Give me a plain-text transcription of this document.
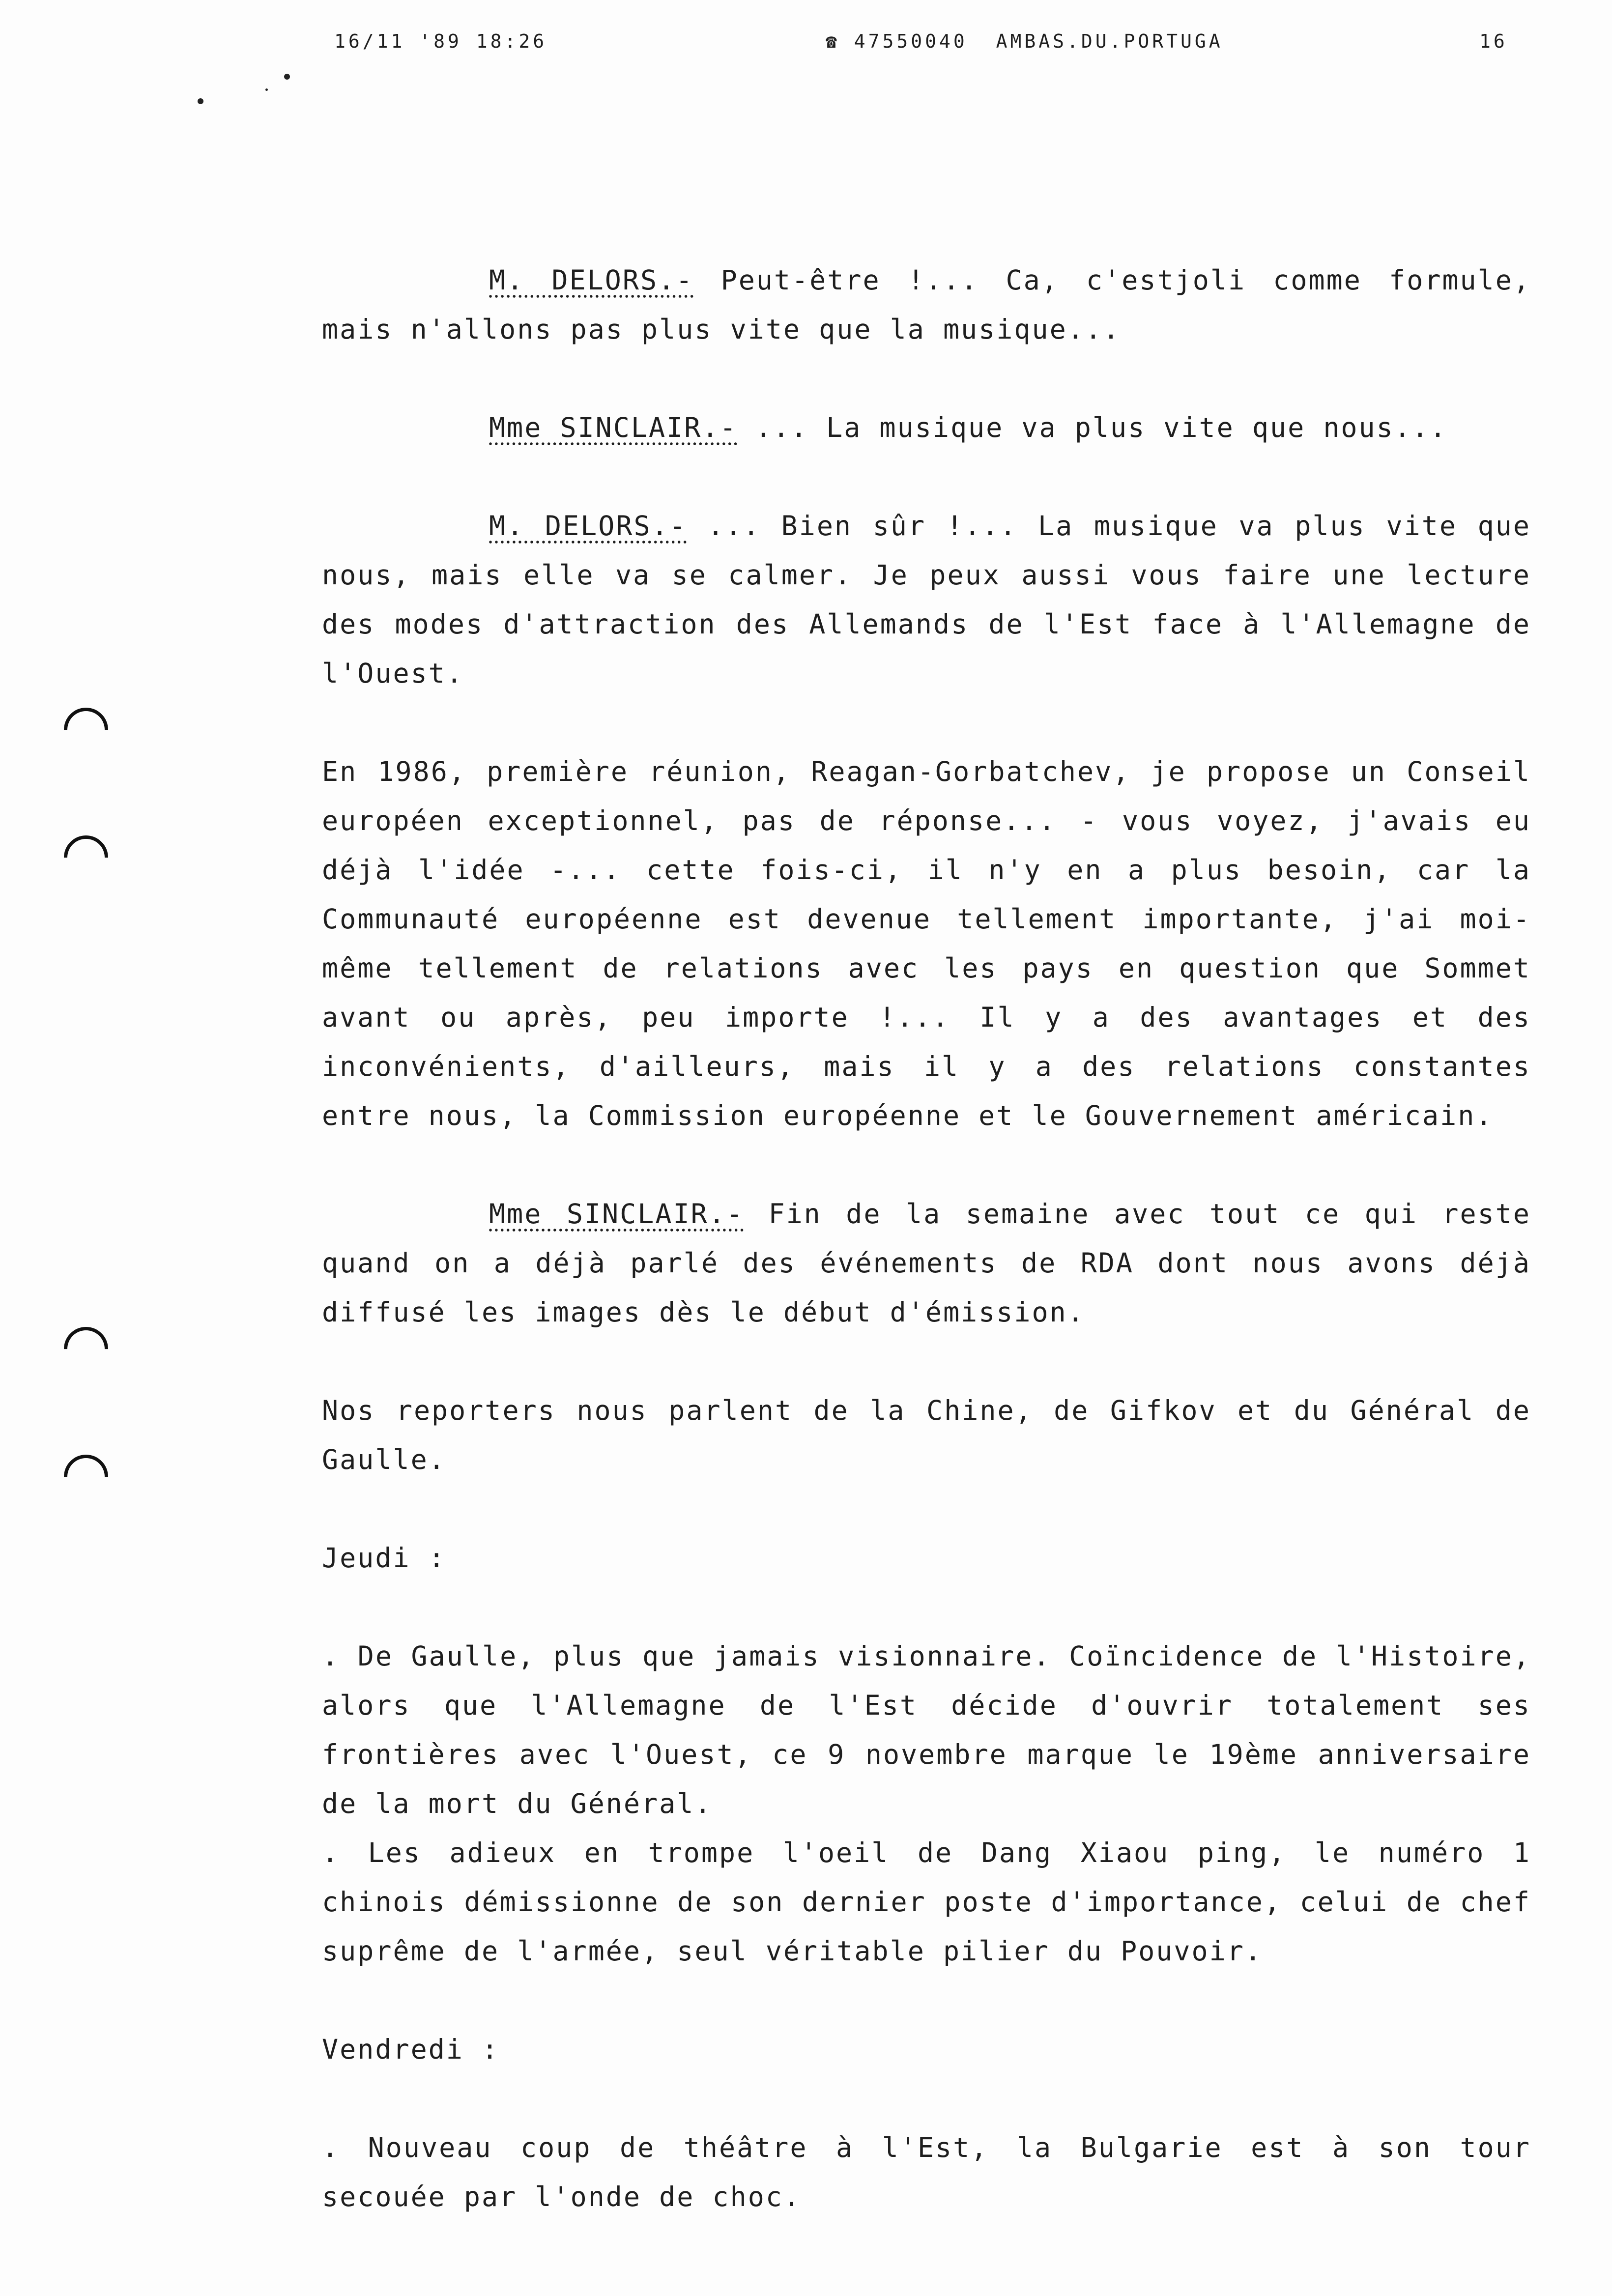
16/11 '89 18:26	☎ 47550040 AMBAS.DU.PORTUGA	16

M. DELORS.- Peut-être !... Ca, c'estjoli comme formule, mais n'allons pas plus vite que la musique...

Mme SINCLAIR.- ... La musique va plus vite que nous...

M. DELORS.- ... Bien sûr !... La musique va plus vite que nous, mais elle va se calmer. Je peux aussi vous faire une lecture des modes d'attraction des Allemands de l'Est face à l'Allemagne de l'Ouest.

En 1986, première réunion, Reagan-Gorbatchev, je propose un Conseil européen exceptionnel, pas de réponse... - vous voyez, j'avais eu déjà l'idée -... cette fois-ci, il n'y en a plus besoin, car la Communauté européenne est devenue tellement importante, j'ai moi-même tellement de relations avec les pays en question que Sommet avant ou après, peu importe !... Il y a des avantages et des inconvénients, d'ailleurs, mais il y a des relations constantes entre nous, la Commission européenne et le Gouvernement américain.

Mme SINCLAIR.- Fin de la semaine avec tout ce qui reste quand on a déjà parlé des événements de RDA dont nous avons déjà diffusé les images dès le début d'émission.

Nos reporters nous parlent de la Chine, de Gifkov et du Général de Gaulle.

Jeudi :

. De Gaulle, plus que jamais visionnaire. Coïncidence de l'Histoire, alors que l'Allemagne de l'Est décide d'ouvrir totalement ses frontières avec l'Ouest, ce 9 novembre marque le 19ème anniversaire de la mort du Général.

. Les adieux en trompe l'oeil de Dang Xiaou ping, le numéro 1 chinois démissionne de son dernier poste d'importance, celui de chef suprême de l'armée, seul véritable pilier du Pouvoir.

Vendredi :

. Nouveau coup de théâtre à l'Est, la Bulgarie est à son tour secouée par l'onde de choc.
